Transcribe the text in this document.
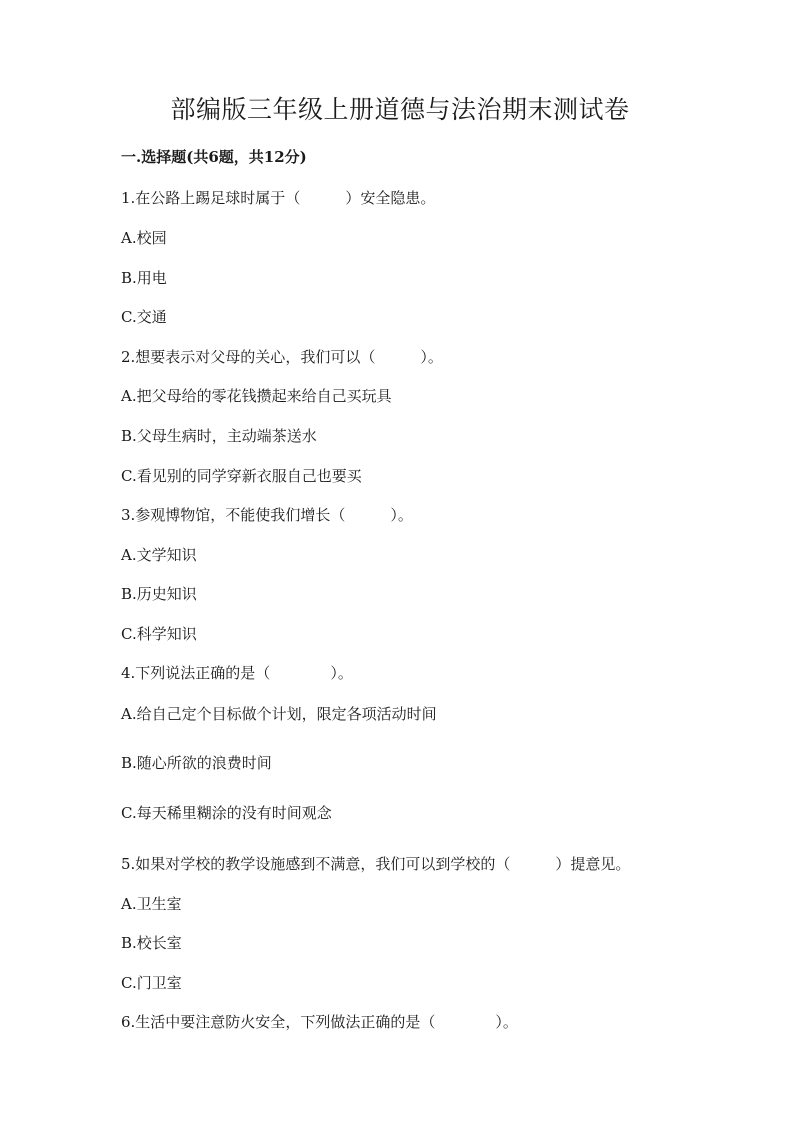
部编版三年级上册道德与法治期末测试卷
一.选择题(共6题，共12分)
1.在公路上踢足球时属于（　　　）安全隐患。
A.校园
B.用电
C.交通
2.想要表示对父母的关心，我们可以（　　　）。
A.把父母给的零花钱攒起来给自己买玩具
B.父母生病时，主动端茶送水
C.看见别的同学穿新衣服自己也要买
3.参观博物馆，不能使我们增长（　　　）。
A.文学知识
B.历史知识
C.科学知识
4.下列说法正确的是（　　　　）。
A.给自己定个目标做个计划，限定各项活动时间
B.随心所欲的浪费时间
C.每天稀里糊涂的没有时间观念
5.如果对学校的教学设施感到不满意，我们可以到学校的（　　　）提意见。
A.卫生室
B.校长室
C.门卫室
6.生活中要注意防火安全，下列做法正确的是（　　　　）。
